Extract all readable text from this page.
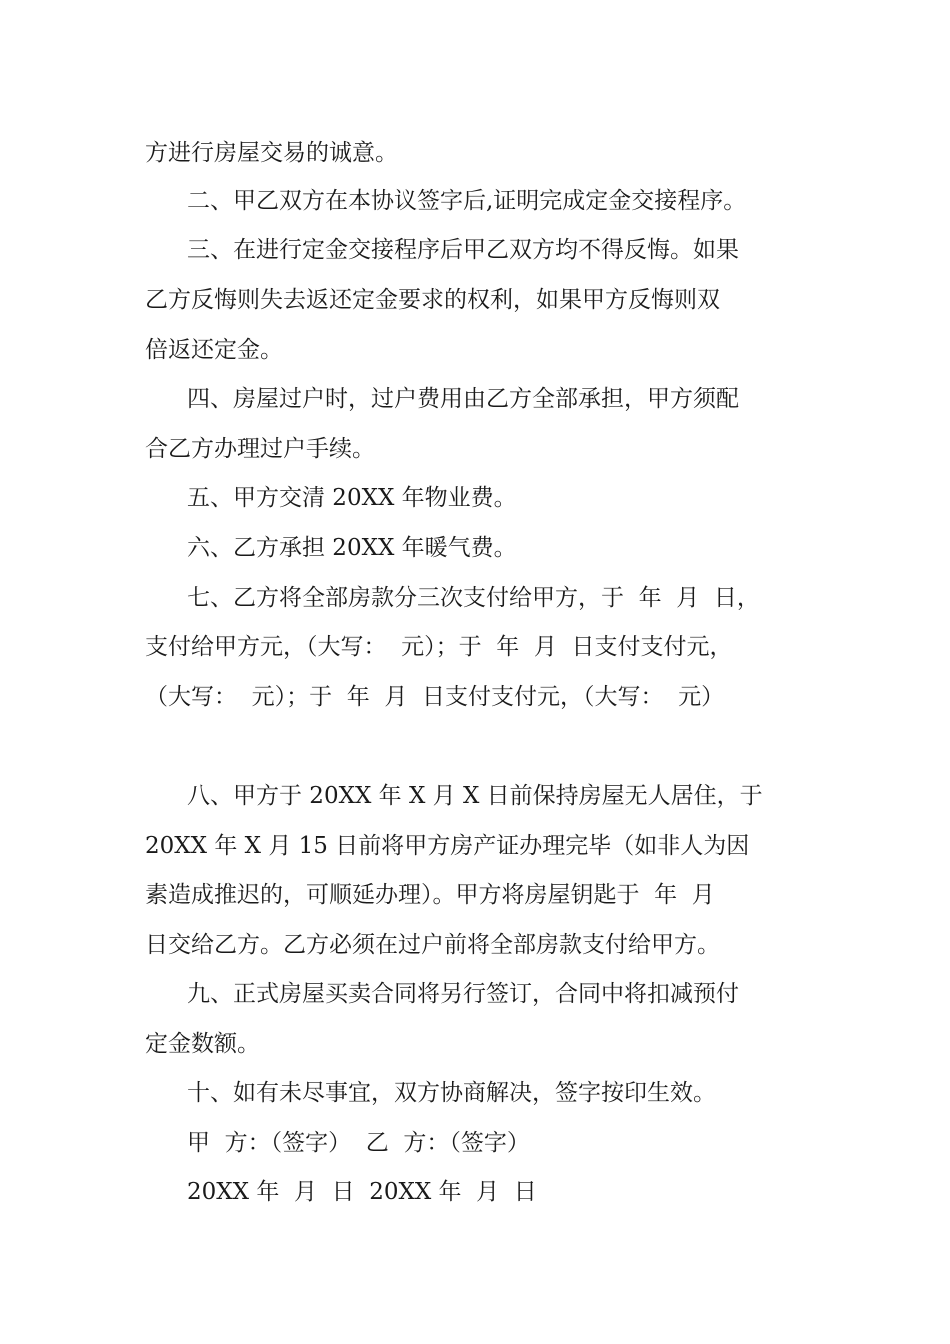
方进行房屋交易的诚意。
二、甲乙双方在本协议签字后,证明完成定金交接程序。
三、在进行定金交接程序后甲乙双方均不得反悔。如果
乙方反悔则失去返还定金要求的权利，如果甲方反悔则双
倍返还定金。
四、房屋过户时，过户费用由乙方全部承担，甲方须配
合乙方办理过户手续。
五、甲方交清 20XX 年物业费。
六、乙方承担 20XX 年暖气费。
七、乙方将全部房款分三次支付给甲方，于  年  月  日，
支付给甲方元，（大写：  元）；于  年  月  日支付支付元，
（大写：  元）；于  年  月  日支付支付元，（大写：  元）
八、甲方于 20XX 年 X 月 X 日前保持房屋无人居住，于
20XX 年 X 月 15 日前将甲方房产证办理完毕（如非人为因
素造成推迟的，可顺延办理）。甲方将房屋钥匙于  年  月
日交给乙方。乙方必须在过户前将全部房款支付给甲方。
九、正式房屋买卖合同将另行签订，合同中将扣减预付
定金数额。
十、如有未尽事宜，双方协商解决，签字按印生效。
甲  方：（签字）  乙  方：（签字）
20XX 年  月  日  20XX 年  月  日
